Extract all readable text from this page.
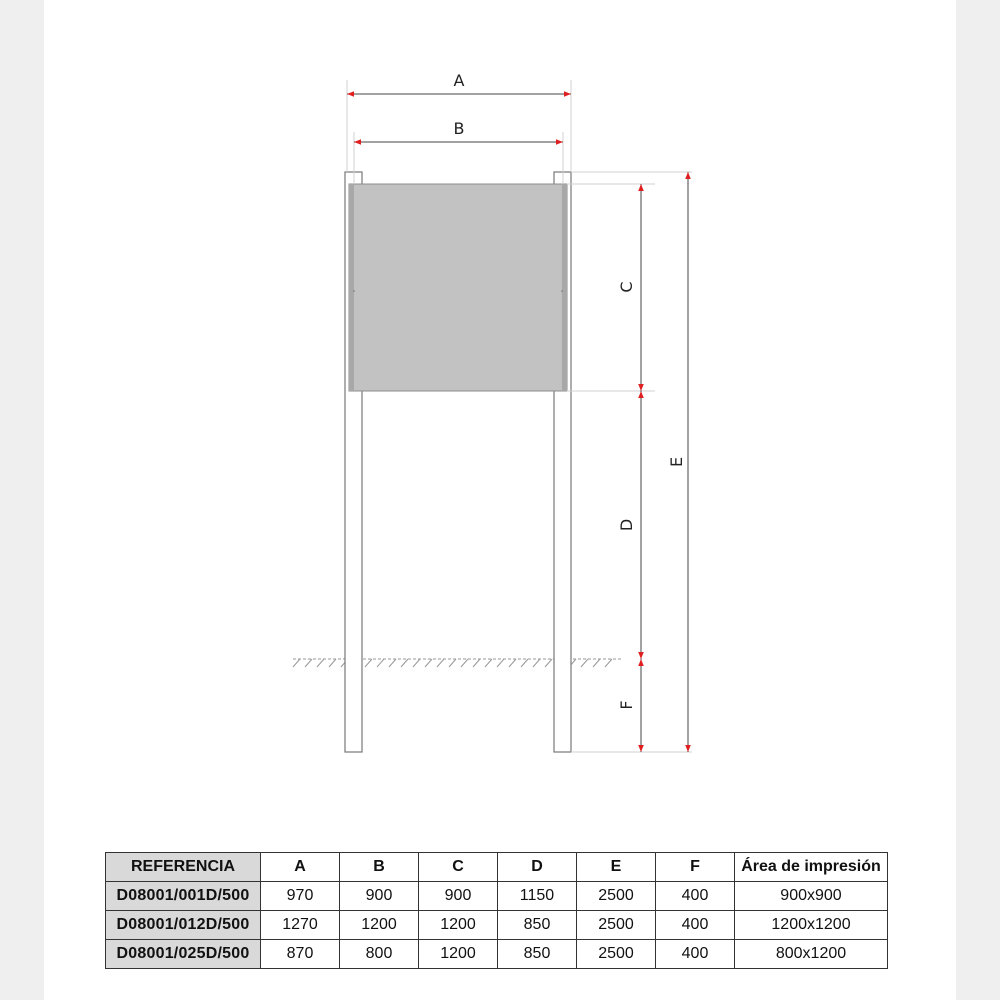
A
B
C
D
F
E
REFERENCIA	A	B	C	D	E	F	Área de impresión
D08001/001D/500	970	900	900	1150	2500	400	900x900
D08001/012D/500	1270	1200	1200	850	2500	400	1200x1200
D08001/025D/500	870	800	1200	850	2500	400	800x1200
